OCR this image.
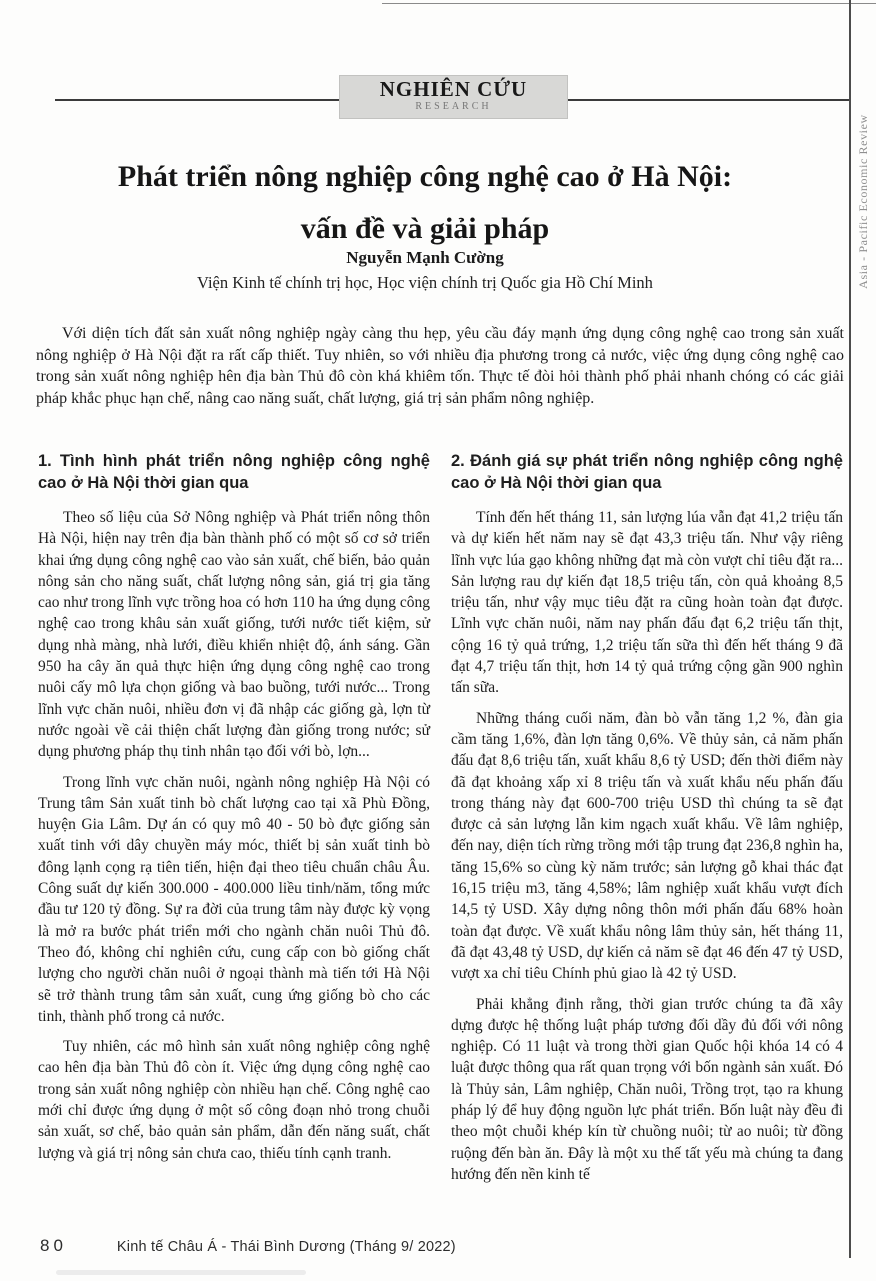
Asia - Pacific Economic Review
NGHIÊN CỨU
RESEARCH
Phát triển nông nghiệp công nghệ cao ở Hà Nội:
vấn đề và giải pháp
Nguyễn Mạnh Cường
Viện Kinh tế chính trị học, Học viện chính trị Quốc gia Hồ Chí Minh

Với diện tích đất sản xuất nông nghiệp ngày càng thu hẹp, yêu cầu đáy mạnh ứng dụng công nghệ cao trong sản xuất nông nghiệp ở Hà Nội đặt ra rất cấp thiết. Tuy nhiên, so với nhiều địa phương trong cả nước, việc ứng dụng công nghệ cao trong sản xuất nông nghiệp hên địa bàn Thủ đô còn khá khiêm tốn. Thực tế đòi hỏi thành phố phải nhanh chóng có các giải pháp khắc phục hạn chế, nâng cao năng suất, chất lượng, giá trị sản phẩm nông nghiệp.

1. Tình hình phát triển nông nghiệp công nghệ cao ở Hà Nội thời gian qua

Theo số liệu của Sở Nông nghiệp và Phát triển nông thôn Hà Nội, hiện nay trên địa bàn thành phố có một số cơ sở triển khai ứng dụng công nghệ cao vào sản xuất, chế biến, bảo quản nông sản cho năng suất, chất lượng nông sản, giá trị gia tăng cao như trong lĩnh vực trồng hoa có hơn 110 ha ứng dụng công nghệ cao trong khâu sản xuất giống, tưới nước tiết kiệm, sử dụng nhà màng, nhà lưới, điều khiển nhiệt độ, ánh sáng. Gần 950 ha cây ăn quả thực hiện ứng dụng công nghệ cao trong nuôi cấy mô lựa chọn giống và bao buồng, tưới nước... Trong lĩnh vực chăn nuôi, nhiều đơn vị đã nhập các giống gà, lợn từ nước ngoài về cải thiện chất lượng đàn giống trong nước; sử dụng phương pháp thụ tinh nhân tạo đối với bò, lợn...

Trong lĩnh vực chăn nuôi, ngành nông nghiệp Hà Nội có Trung tâm Sản xuất tinh bò chất lượng cao tại xã Phù Đồng, huyện Gia Lâm. Dự án có quy mô 40 - 50 bò đực giống sản xuất tinh với dây chuyền máy móc, thiết bị sản xuất tinh bò đông lạnh cọng rạ tiên tiến, hiện đại theo tiêu chuẩn châu Âu. Công suất dự kiến 300.000 - 400.000 liều tinh/năm, tổng mức đầu tư 120 tỷ đồng. Sự ra đời của trung tâm này được kỳ vọng là mở ra bước phát triển mới cho ngành chăn nuôi Thủ đô. Theo đó, không chỉ nghiên cứu, cung cấp con bò giống chất lượng cho người chăn nuôi ở ngoại thành mà tiến tới Hà Nội sẽ trở thành trung tâm sản xuất, cung ứng giống bò cho các tinh, thành phố trong cả nước.

Tuy nhiên, các mô hình sản xuất nông nghiệp công nghệ cao hên địa bàn Thủ đô còn ít. Việc ứng dụng công nghệ cao trong sản xuất nông nghiệp còn nhiều hạn chế. Công nghệ cao mới chỉ được ứng dụng ở một số công đoạn nhỏ trong chuỗi sản xuất, sơ chế, bảo quản sản phẩm, dẫn đến năng suất, chất lượng và giá trị nông sản chưa cao, thiếu tính cạnh tranh.

2. Đánh giá sự phát triển nông nghiệp công nghệ cao ở Hà Nội thời gian qua

Tính đến hết tháng 11, sản lượng lúa vẫn đạt 41,2 triệu tấn và dự kiến hết năm nay sẽ đạt 43,3 triệu tấn. Như vậy riêng lĩnh vực lúa gạo không những đạt mà còn vượt chỉ tiêu đặt ra... Sản lượng rau dự kiến đạt 18,5 triệu tấn, còn quả khoảng 8,5 triệu tấn, như vậy mục tiêu đặt ra cũng hoàn toàn đạt được. Lĩnh vực chăn nuôi, năm nay phấn đấu đạt 6,2 triệu tấn thịt, cộng 16 tỷ quả trứng, 1,2 triệu tấn sữa thì đến hết tháng 9 đã đạt 4,7 triệu tấn thịt, hơn 14 tỷ quả trứng cộng gần 900 nghìn tấn sữa.

Những tháng cuối năm, đàn bò vẫn tăng 1,2 %, đàn gia cầm tăng 1,6%, đàn lợn tăng 0,6%. Về thủy sản, cả năm phấn đấu đạt 8,6 triệu tấn, xuất khẩu 8,6 tỷ USD; đến thời điểm này đã đạt khoảng xấp xỉ 8 triệu tấn và xuất khẩu nếu phấn đấu trong tháng này đạt 600-700 triệu USD thì chúng ta sẽ đạt được cả sản lượng lẫn kim ngạch xuất khẩu. Về lâm nghiệp, đến nay, diện tích rừng trồng mới tập trung đạt 236,8 nghìn ha, tăng 15,6% so cùng kỳ năm trước; sản lượng gỗ khai thác đạt 16,15 triệu m3, tăng 4,58%; lâm nghiệp xuất khẩu vượt đích 14,5 tỷ USD. Xây dựng nông thôn mới phấn đấu 68% hoàn toàn đạt được. Về xuất khẩu nông lâm thủy sản, hết tháng 11, đã đạt 43,48 tỷ USD, dự kiến cả năm sẽ đạt 46 đến 47 tỷ USD, vượt xa chỉ tiêu Chính phủ giao là 42 tỷ USD.

Phải khẳng định rằng, thời gian trước chúng ta đã xây dựng được hệ thống luật pháp tương đối dầy đủ đối với nông nghiệp. Có 11 luật và trong thời gian Quốc hội khóa 14 có 4 luật được thông qua rất quan trọng với bốn ngành sản xuất. Đó là Thủy sản, Lâm nghiệp, Chăn nuôi, Trồng trọt, tạo ra khung pháp lý để huy động nguồn lực phát triển. Bốn luật này đều đi theo một chuỗi khép kín từ chuồng nuôi; từ ao nuôi; từ đồng ruộng đến bàn ăn. Đây là một xu thế tất yếu mà chúng ta đang hướng đến nền kinh tế

80	Kinh tế Châu Á - Thái Bình Dương (Tháng 9/ 2022)
